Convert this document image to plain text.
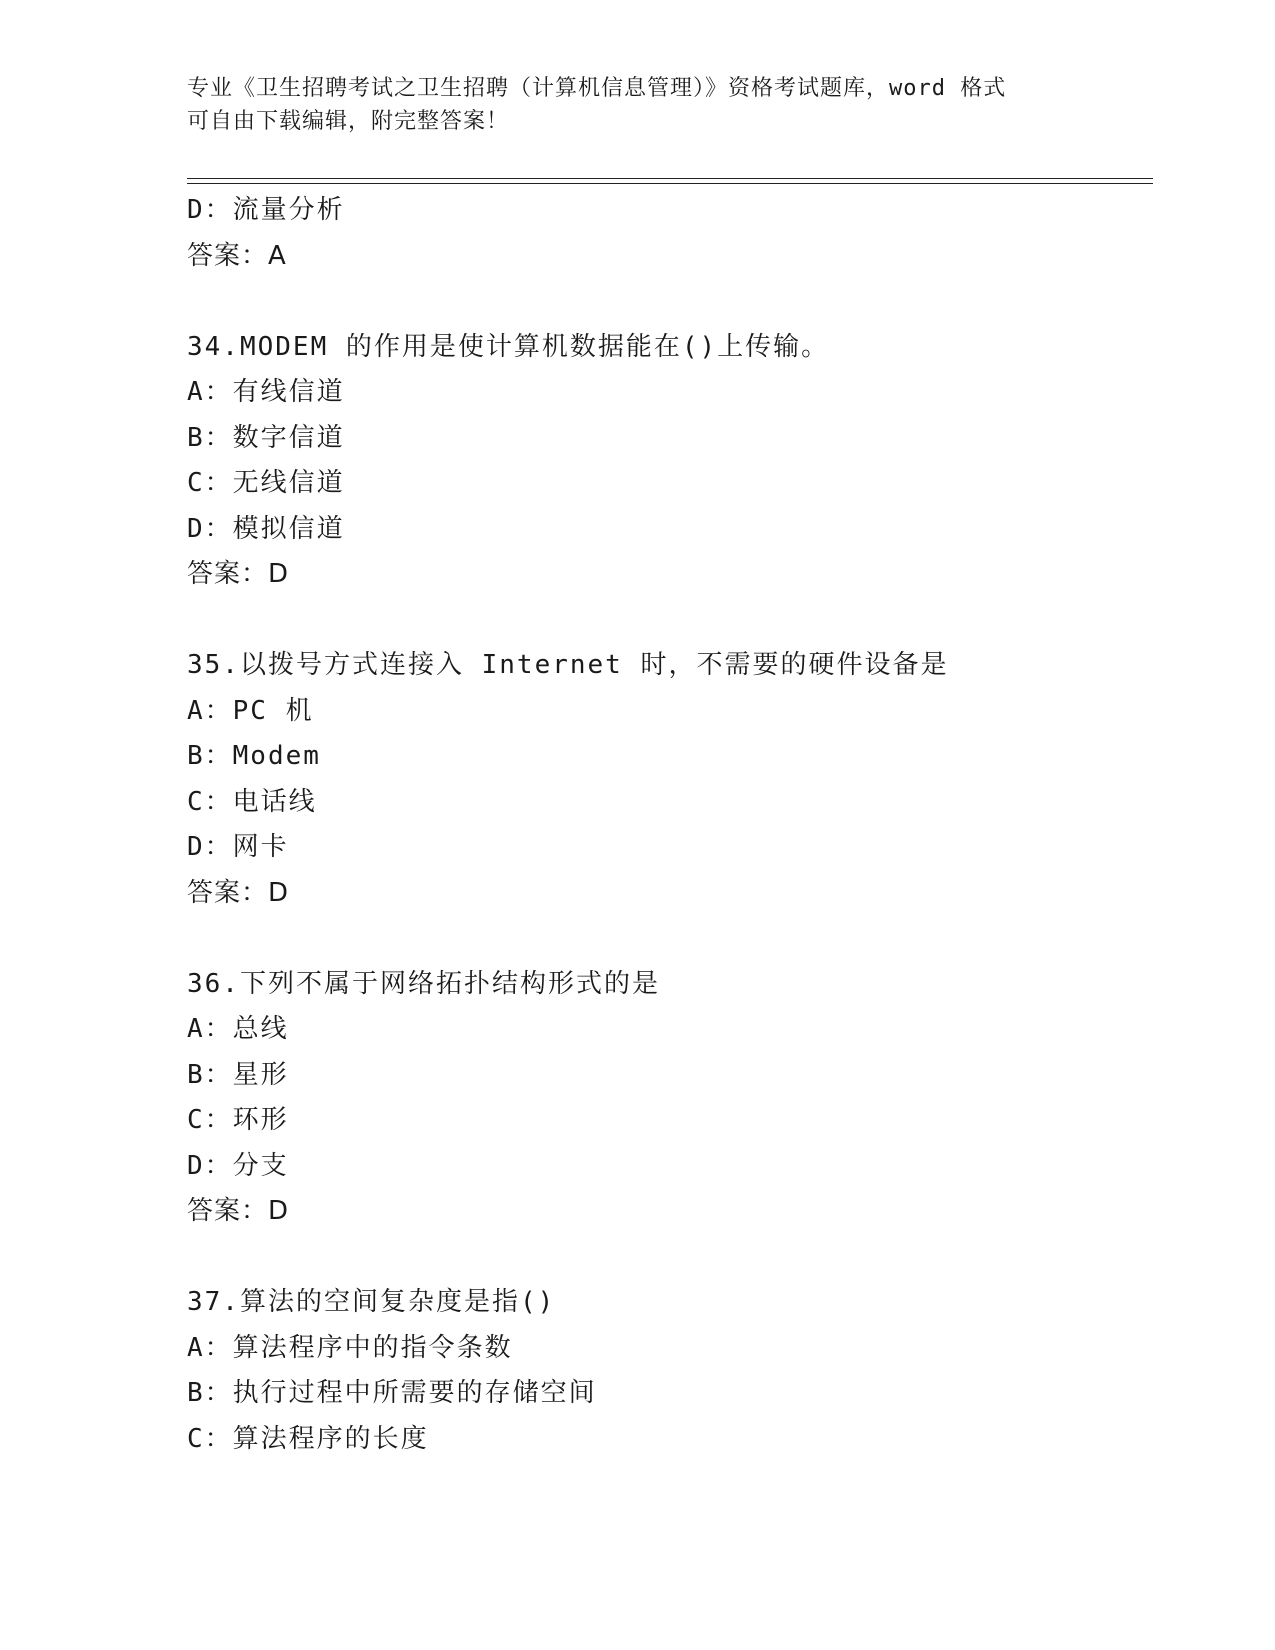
专业《卫生招聘考试之卫生招聘（计算机信息管理）》资格考试题库，word 格式
可自由下载编辑，附完整答案！
D：流量分析
答案：A
34.MODEM 的作用是使计算机数据能在()上传输。
A：有线信道
B：数字信道
C：无线信道
D：模拟信道
答案：D
35.以拨号方式连接入 Internet 时，不需要的硬件设备是
A：PC 机
B：Modem
C：电话线
D：网卡
答案：D
36.下列不属于网络拓扑结构形式的是
A：总线
B：星形
C：环形
D：分支
答案：D
37.算法的空间复杂度是指()
A：算法程序中的指令条数
B：执行过程中所需要的存储空间
C：算法程序的长度
